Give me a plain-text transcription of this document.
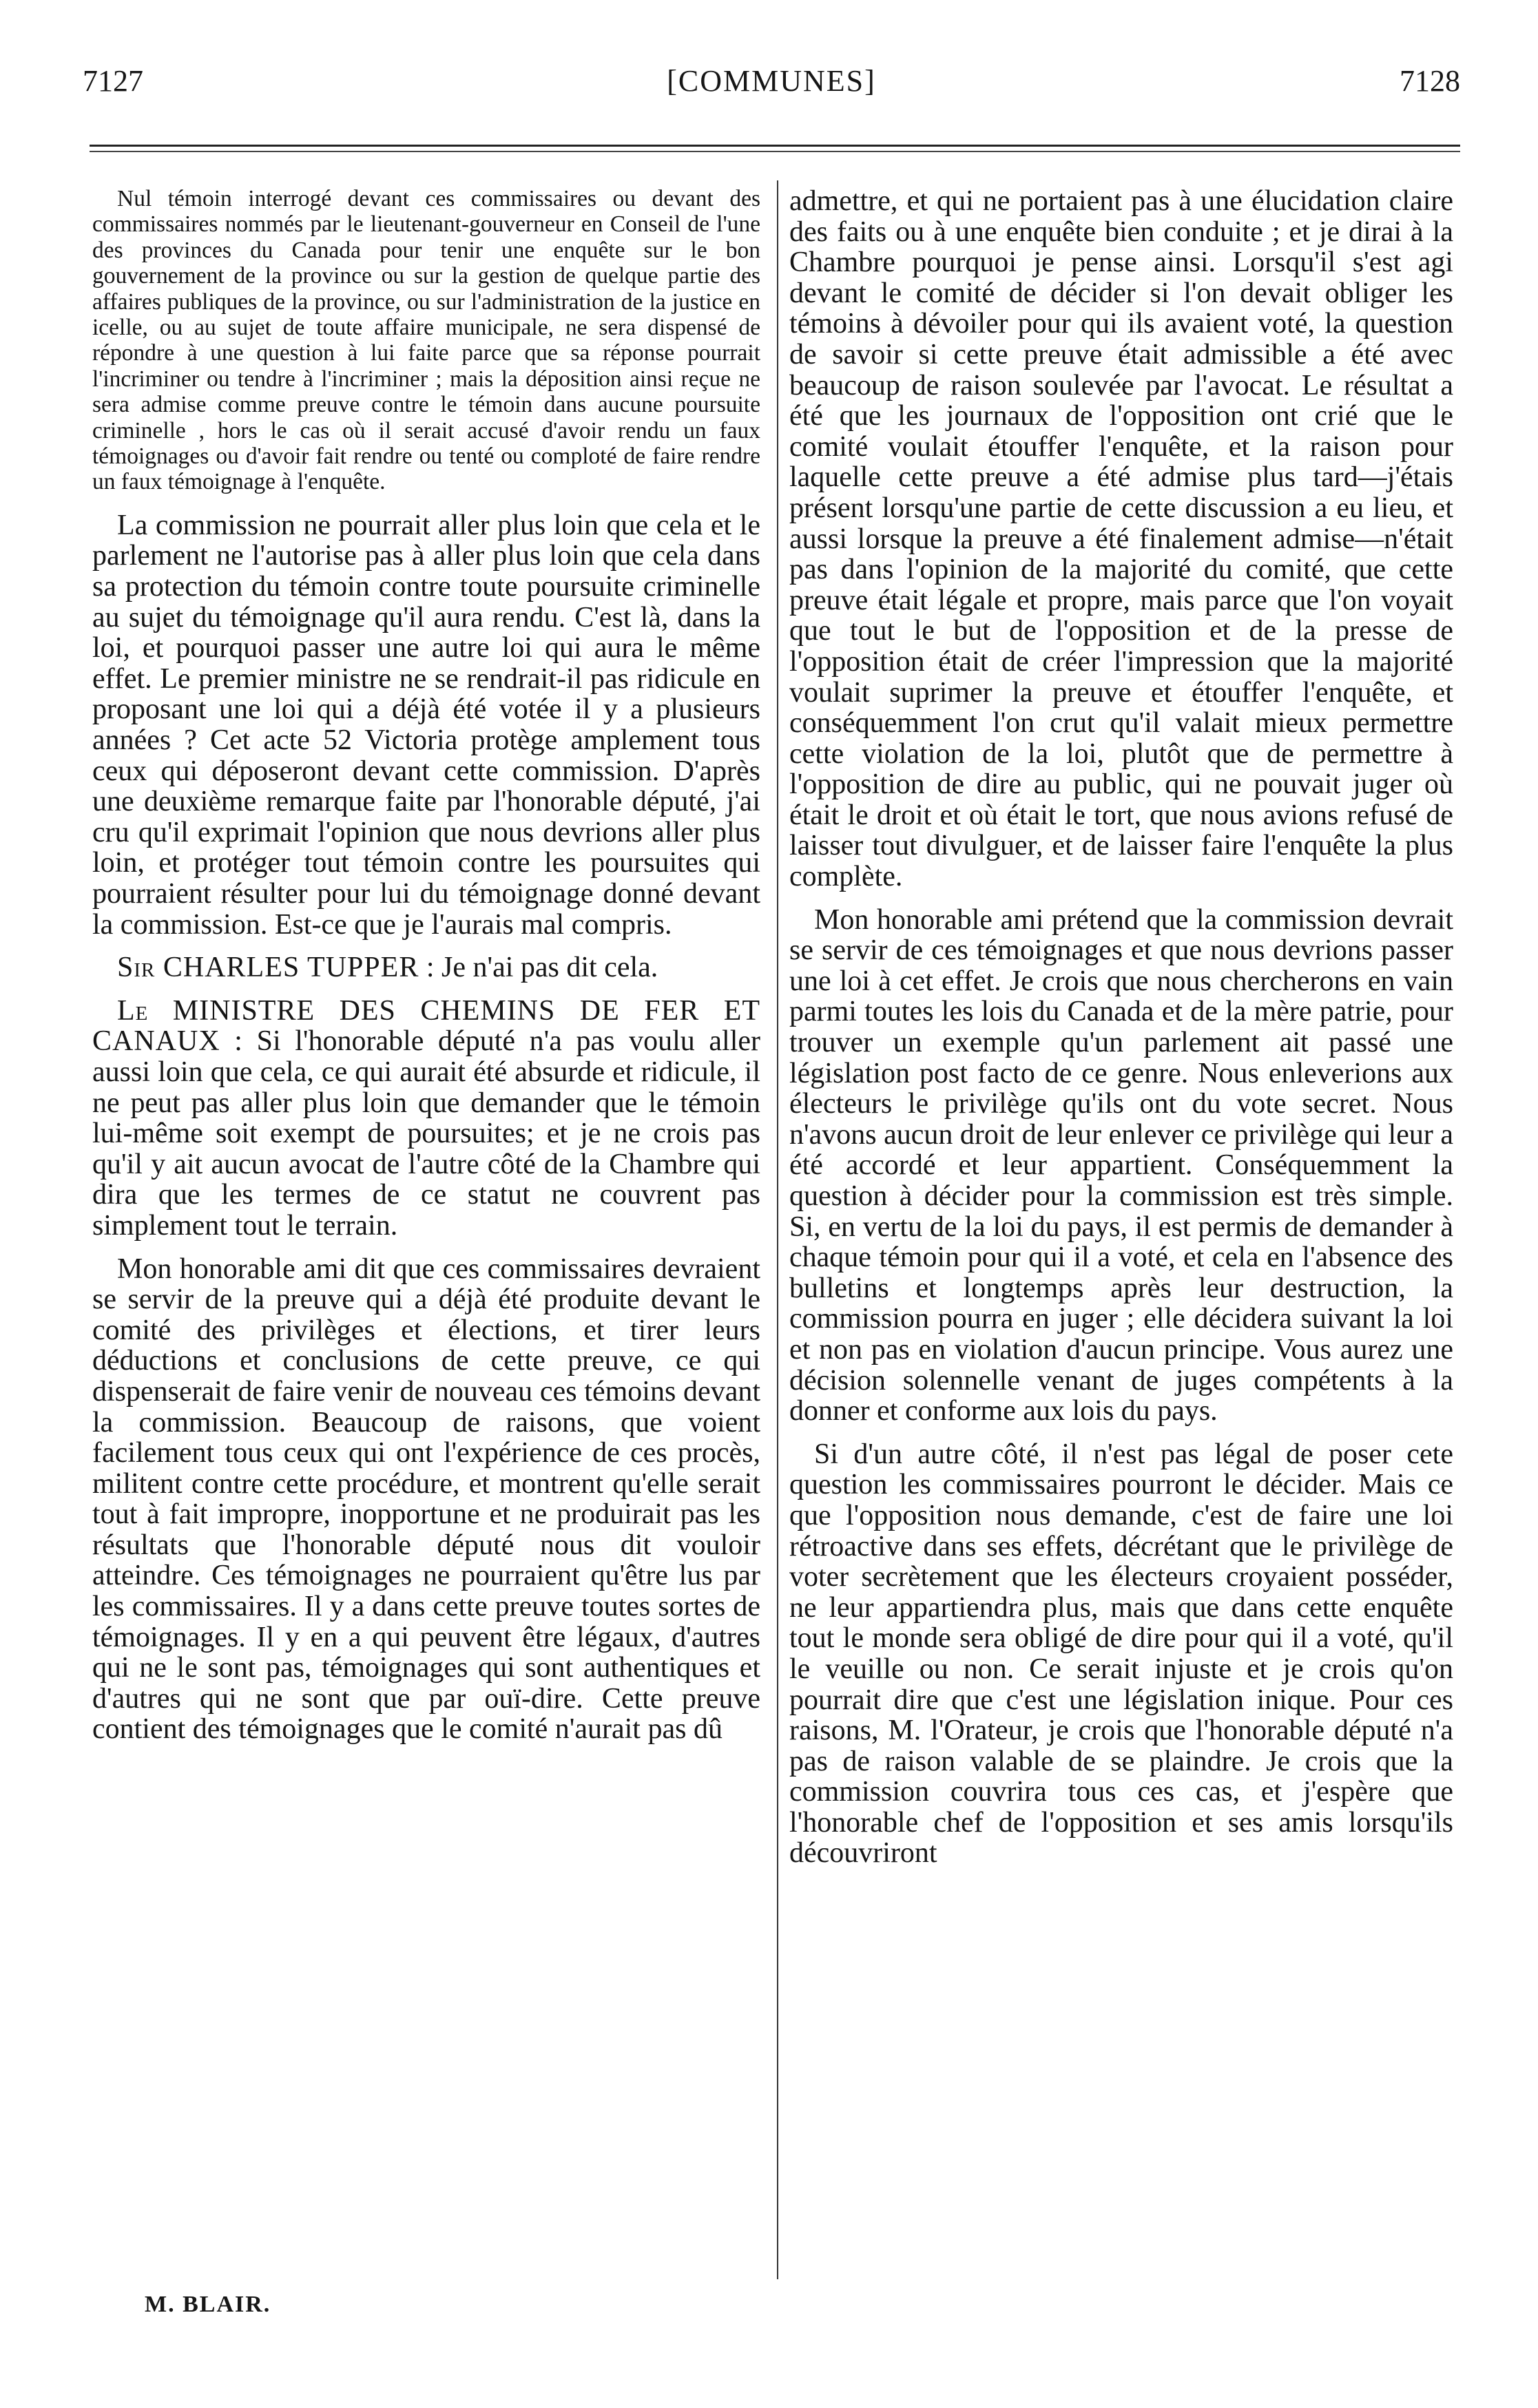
7127	[COMMUNES]	7128

Nul témoin interrogé devant ces commissaires ou devant des commissaires nommés par le lieutenant-gouverneur en Conseil de l'une des provinces du Canada pour tenir une enquête sur le bon gouvernement de la province ou sur la gestion de quelque partie des affaires publiques de la province, ou sur l'administration de la justice en icelle, ou au sujet de toute affaire municipale, ne sera dispensé de répondre à une question à lui faite parce que sa réponse pourrait l'incriminer ou tendre à l'incriminer ; mais la déposition ainsi reçue ne sera admise comme preuve contre le témoin dans aucune poursuite criminelle , hors le cas où il serait accusé d'avoir rendu un faux témoignages ou d'avoir fait rendre ou tenté ou comploté de faire rendre un faux témoignage à l'enquête.

La commission ne pourrait aller plus loin que cela et le parlement ne l'autorise pas à aller plus loin que cela dans sa protection du témoin contre toute poursuite criminelle au sujet du témoignage qu'il aura rendu. C'est là, dans la loi, et pourquoi passer une autre loi qui aura le même effet. Le premier ministre ne se rendrait-il pas ridicule en proposant une loi qui a déjà été votée il y a plusieurs années ? Cet acte 52 Victoria protège amplement tous ceux qui déposeront devant cette commission. D'après une deuxième remarque faite par l'honorable député, j'ai cru qu'il exprimait l'opinion que nous devrions aller plus loin, et protéger tout témoin contre les poursuites qui pourraient résulter pour lui du témoignage donné devant la commission. Est-ce que je l'aurais mal compris.

Sir CHARLES TUPPER : Je n'ai pas dit cela.

Le MINISTRE DES CHEMINS DE FER ET CANAUX : Si l'honorable député n'a pas voulu aller aussi loin que cela, ce qui aurait été absurde et ridicule, il ne peut pas aller plus loin que demander que le témoin lui-même soit exempt de poursuites; et je ne crois pas qu'il y ait aucun avocat de l'autre côté de la Chambre qui dira que les termes de ce statut ne couvrent pas simplement tout le terrain.

Mon honorable ami dit que ces commissaires devraient se servir de la preuve qui a déjà été produite devant le comité des privilèges et élections, et tirer leurs déductions et conclusions de cette preuve, ce qui dispenserait de faire venir de nouveau ces témoins devant la commission. Beaucoup de raisons, que voient facilement tous ceux qui ont l'expérience de ces procès, militent contre cette procédure, et montrent qu'elle serait tout à fait impropre, inopportune et ne produirait pas les résultats que l'honorable député nous dit vouloir atteindre. Ces témoignages ne pourraient qu'être lus par les commissaires. Il y a dans cette preuve toutes sortes de témoignages. Il y en a qui peuvent être légaux, d'autres qui ne le sont pas, témoignages qui sont authentiques et d'autres qui ne sont que par ouï-dire. Cette preuve contient des témoignages que le comité n'aurait pas dû

admettre, et qui ne portaient pas à une élucidation claire des faits ou à une enquête bien conduite ; et je dirai à la Chambre pourquoi je pense ainsi. Lorsqu'il s'est agi devant le comité de décider si l'on devait obliger les témoins à dévoiler pour qui ils avaient voté, la question de savoir si cette preuve était admissible a été avec beaucoup de raison soulevée par l'avocat. Le résultat a été que les journaux de l'opposition ont crié que le comité voulait étouffer l'enquête, et la raison pour laquelle cette preuve a été admise plus tard—j'étais présent lorsqu'une partie de cette discussion a eu lieu, et aussi lorsque la preuve a été finalement admise—n'était pas dans l'opinion de la majorité du comité, que cette preuve était légale et propre, mais parce que l'on voyait que tout le but de l'opposition et de la presse de l'opposition était de créer l'impression que la majorité voulait suprimer la preuve et étouffer l'enquête, et conséquemment l'on crut qu'il valait mieux permettre cette violation de la loi, plutôt que de permettre à l'opposition de dire au public, qui ne pouvait juger où était le droit et où était le tort, que nous avions refusé de laisser tout divulguer, et de laisser faire l'enquête la plus complète.

Mon honorable ami prétend que la commission devrait se servir de ces témoignages et que nous devrions passer une loi à cet effet. Je crois que nous chercherons en vain parmi toutes les lois du Canada et de la mère patrie, pour trouver un exemple qu'un parlement ait passé une législation post facto de ce genre. Nous enleverions aux électeurs le privilège qu'ils ont du vote secret. Nous n'avons aucun droit de leur enlever ce privilège qui leur a été accordé et leur appartient. Conséquemment la question à décider pour la commission est très simple. Si, en vertu de la loi du pays, il est permis de demander à chaque témoin pour qui il a voté, et cela en l'absence des bulletins et longtemps après leur destruction, la commission pourra en juger ; elle décidera suivant la loi et non pas en violation d'aucun principe. Vous aurez une décision solennelle venant de juges compétents à la donner et conforme aux lois du pays.

Si d'un autre côté, il n'est pas légal de poser cete question les commissaires pourront le décider. Mais ce que l'opposition nous demande, c'est de faire une loi rétroactive dans ses effets, décrétant que le privilège de voter secrètement que les électeurs croyaient posséder, ne leur appartiendra plus, mais que dans cette enquête tout le monde sera obligé de dire pour qui il a voté, qu'il le veuille ou non. Ce serait injuste et je crois qu'on pourrait dire que c'est une législation inique. Pour ces raisons, M. l'Orateur, je crois que l'honorable député n'a pas de raison valable de se plaindre. Je crois que la commission couvrira tous ces cas, et j'espère que l'honorable chef de l'opposition et ses amis lorsqu'ils découvriront

M. BLAIR.
